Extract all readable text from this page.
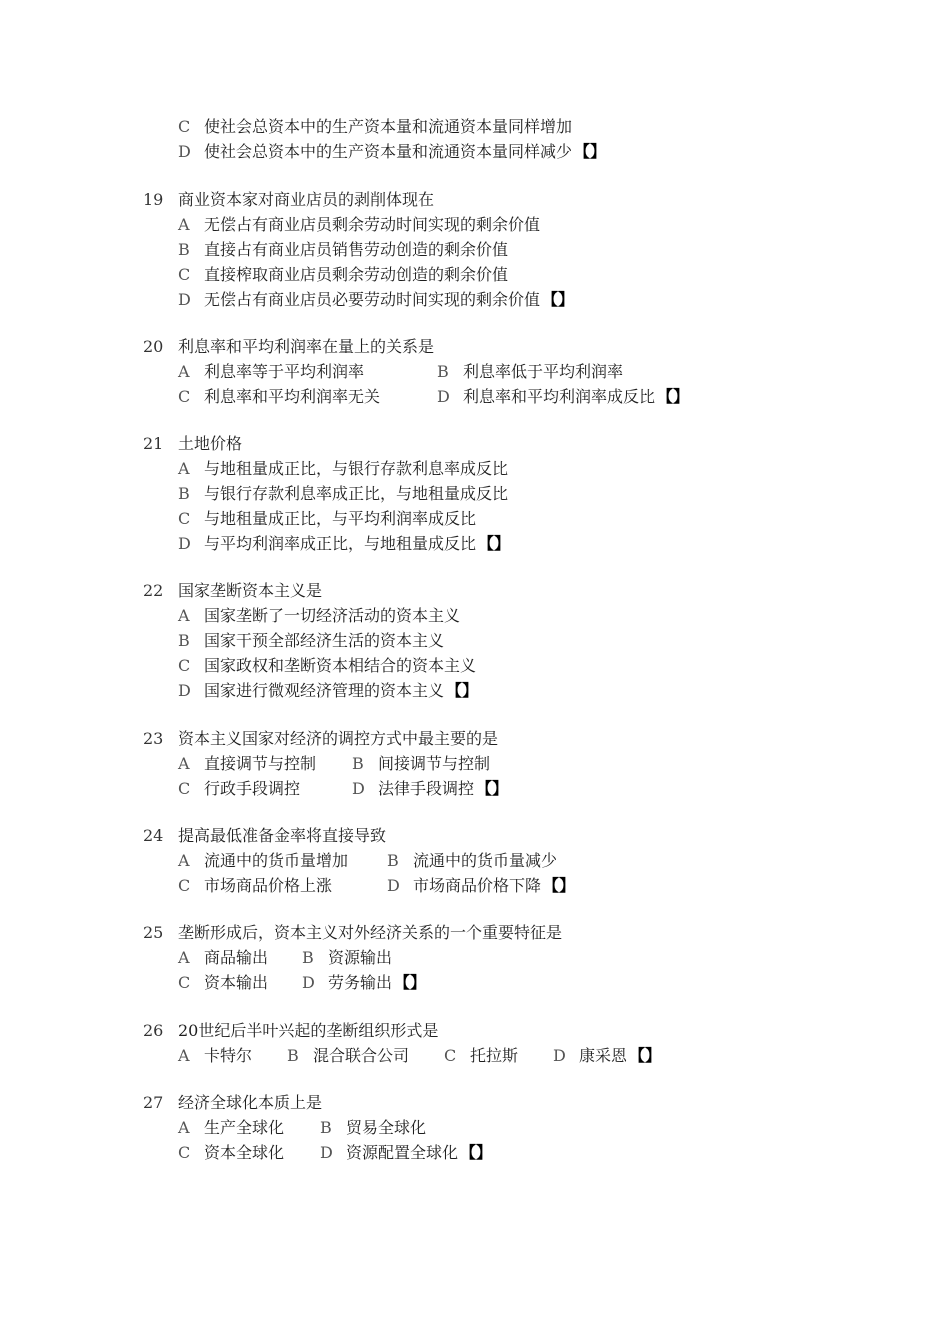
C 使社会总资本中的生产资本量和流通资本量同样增加
D 使社会总资本中的生产资本量和流通资本量同样减少 【】
19 商业资本家对商业店员的剥削体现在
A 无偿占有商业店员剩余劳动时间实现的剩余价值
B 直接占有商业店员销售劳动创造的剩余价值
C 直接榨取商业店员剩余劳动创造的剩余价值
D 无偿占有商业店员必要劳动时间实现的剩余价值 【】
20 利息率和平均利润率在量上的关系是
A 利息率等于平均利润率	B 利息率低于平均利润率
C 利息率和平均利润率无关	D 利息率和平均利润率成反比 【】
21 土地价格
A 与地租量成正比，与银行存款利息率成反比
B 与银行存款利息率成正比，与地租量成反比
C 与地租量成正比，与平均利润率成反比
D 与平均利润率成正比，与地租量成反比 【】
22 国家垄断资本主义是
A 国家垄断了一切经济活动的资本主义
B 国家干预全部经济生活的资本主义
C 国家政权和垄断资本相结合的资本主义
D 国家进行微观经济管理的资本主义 【】
23 资本主义国家对经济的调控方式中最主要的是
A 直接调节与控制 B 间接调节与控制
C 行政手段调控	D 法律手段调控 【】
24 提高最低准备金率将直接导致
A 流通中的货币量增加 B 流通中的货币量减少
C 市场商品价格上涨	D 市场商品价格下降 【】
25 垄断形成后，资本主义对外经济关系的一个重要特征是
A 商品输出 B 资源输出
C 资本输出 D 劳务输出 【】
26 20世纪后半叶兴起的垄断组织形式是
A 卡特尔 B 混合联合公司 C 托拉斯 D 康采恩 【】
27 经济全球化本质上是
A 生产全球化 B 贸易全球化
C 资本全球化 D 资源配置全球化 【】
